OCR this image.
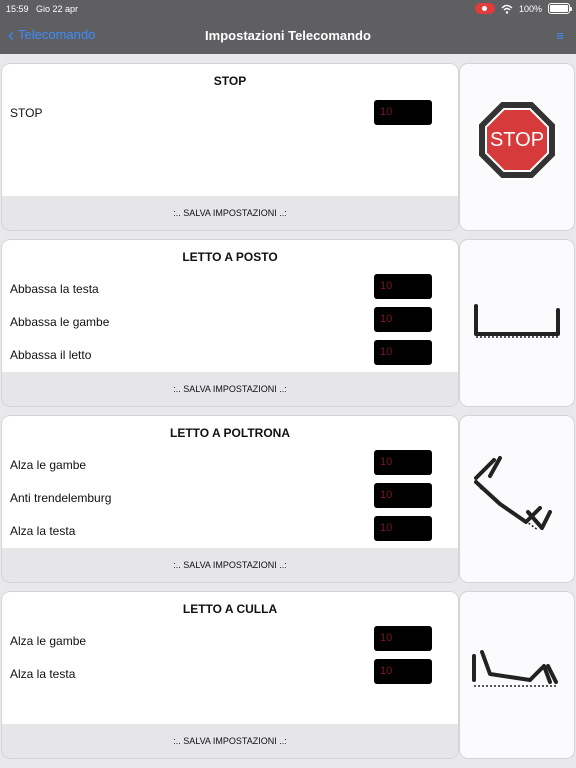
15:59 Gio 22 apr	100%
‹ Telecomando	Impostazioni Telecomando	≡
STOP
STOP	10
:.. SALVA IMPOSTAZIONI ..:
STOP
LETTO A POSTO
Abbassa la testa	10
Abbassa le gambe	10
Abbassa il letto	10
:.. SALVA IMPOSTAZIONI ..:
LETTO A POLTRONA
Alza le gambe	10
Anti trendelemburg	10
Alza la testa	10
:.. SALVA IMPOSTAZIONI ..:
LETTO A CULLA
Alza le gambe	10
Alza la testa	10
:.. SALVA IMPOSTAZIONI ..:
